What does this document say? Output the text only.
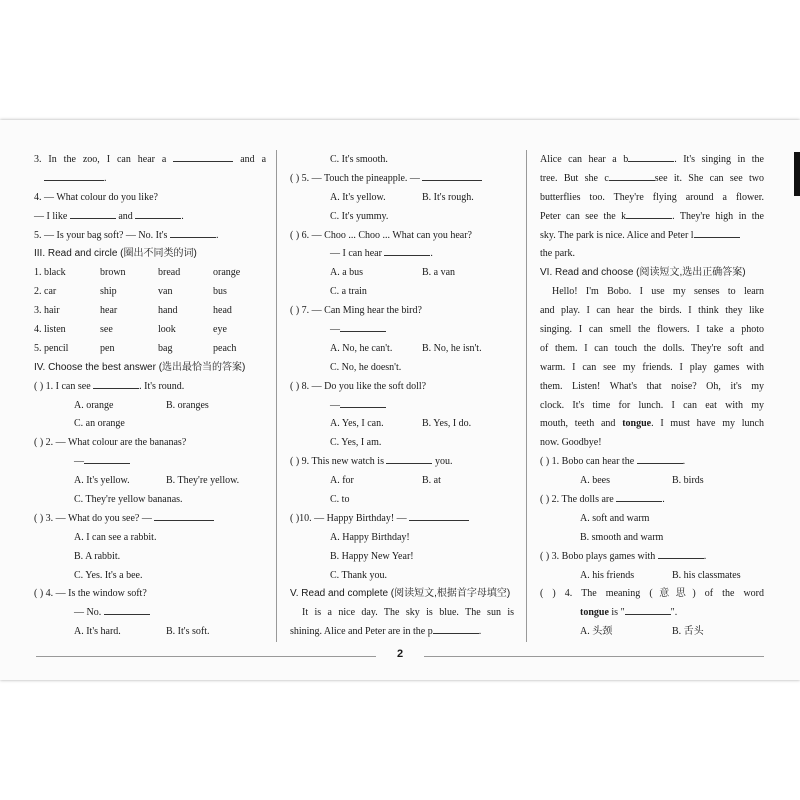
3. In the zoo, I can hear a	and a
.
4. — What colour do you like?
— I like	and	.
5. — Is your bag soft? — No. It's	.
III. Read and circle (圈出不同类的词)
1. black	brown	bread	orange
2. car	ship	van	bus
3. hair	hear	hand	head
4. listen	see	look	eye
5. pencil	pen	bag	peach
IV. Choose the best answer (选出最恰当的答案)
( ) 1. I can see	. It's round.
A. orange	B. oranges
C. an orange
( ) 2. — What colour are the bananas?
—
A. It's yellow.	B. They're yellow.
C. They're yellow bananas.
( ) 3. — What do you see? —
A. I can see a rabbit.
B. A rabbit.
C. Yes. It's a bee.
( ) 4. — Is the window soft?
— No.
A. It's hard.	B. It's soft.
C. It's smooth.
( ) 5. — Touch the pineapple. —
A. It's yellow.	B. It's rough.
C. It's yummy.
( ) 6. — Choo ... Choo ... What can you hear?
— I can hear	.
A. a bus	B. a van
C. a train
( ) 7. — Can Ming hear the bird?
—
A. No, he can't.	B. No, he isn't.
C. No, he doesn't.
( ) 8. — Do you like the soft doll?
—
A. Yes, I can.	B. Yes, I do.
C. Yes, I am.
( ) 9. This new watch is	you.
A. for	B. at
C. to
( )10. — Happy Birthday! —
A. Happy Birthday!
B. Happy New Year!
C. Thank you.
V. Read and complete (阅读短文,根据首字母填空)
It is a nice day. The sky is blue. The sun is
shining. Alice and Peter are in the p	.
Alice can hear a b	. It's singing in the
tree. But she c	see it. She can see two
butterflies too. They're flying around a flower.
Peter can see the k	. They're high in the
sky. The park is nice. Alice and Peter l
the park.
VI. Read and choose (阅读短文,选出正确答案)
Hello! I'm Bobo. I use my senses to learn
and play. I can hear the birds. I think they like
singing. I can smell the flowers. I take a photo
of them. I can touch the dolls. They're soft and
warm. I can see my friends. I play games with
them. Listen! What's that noise? Oh, it's my
clock. It's time for lunch. I can eat with my
mouth, teeth and tongue. I must have my lunch
now. Goodbye!
( ) 1. Bobo can hear the	.
A. bees	B. birds
( ) 2. The dolls are	.
A. soft and warm
B. smooth and warm
( ) 3. Bobo plays games with	.
A. his friends	B. his classmates
( ) 4. The meaning (意思) of the word
tongue is "	".
A. 头颈	B. 舌头
2
